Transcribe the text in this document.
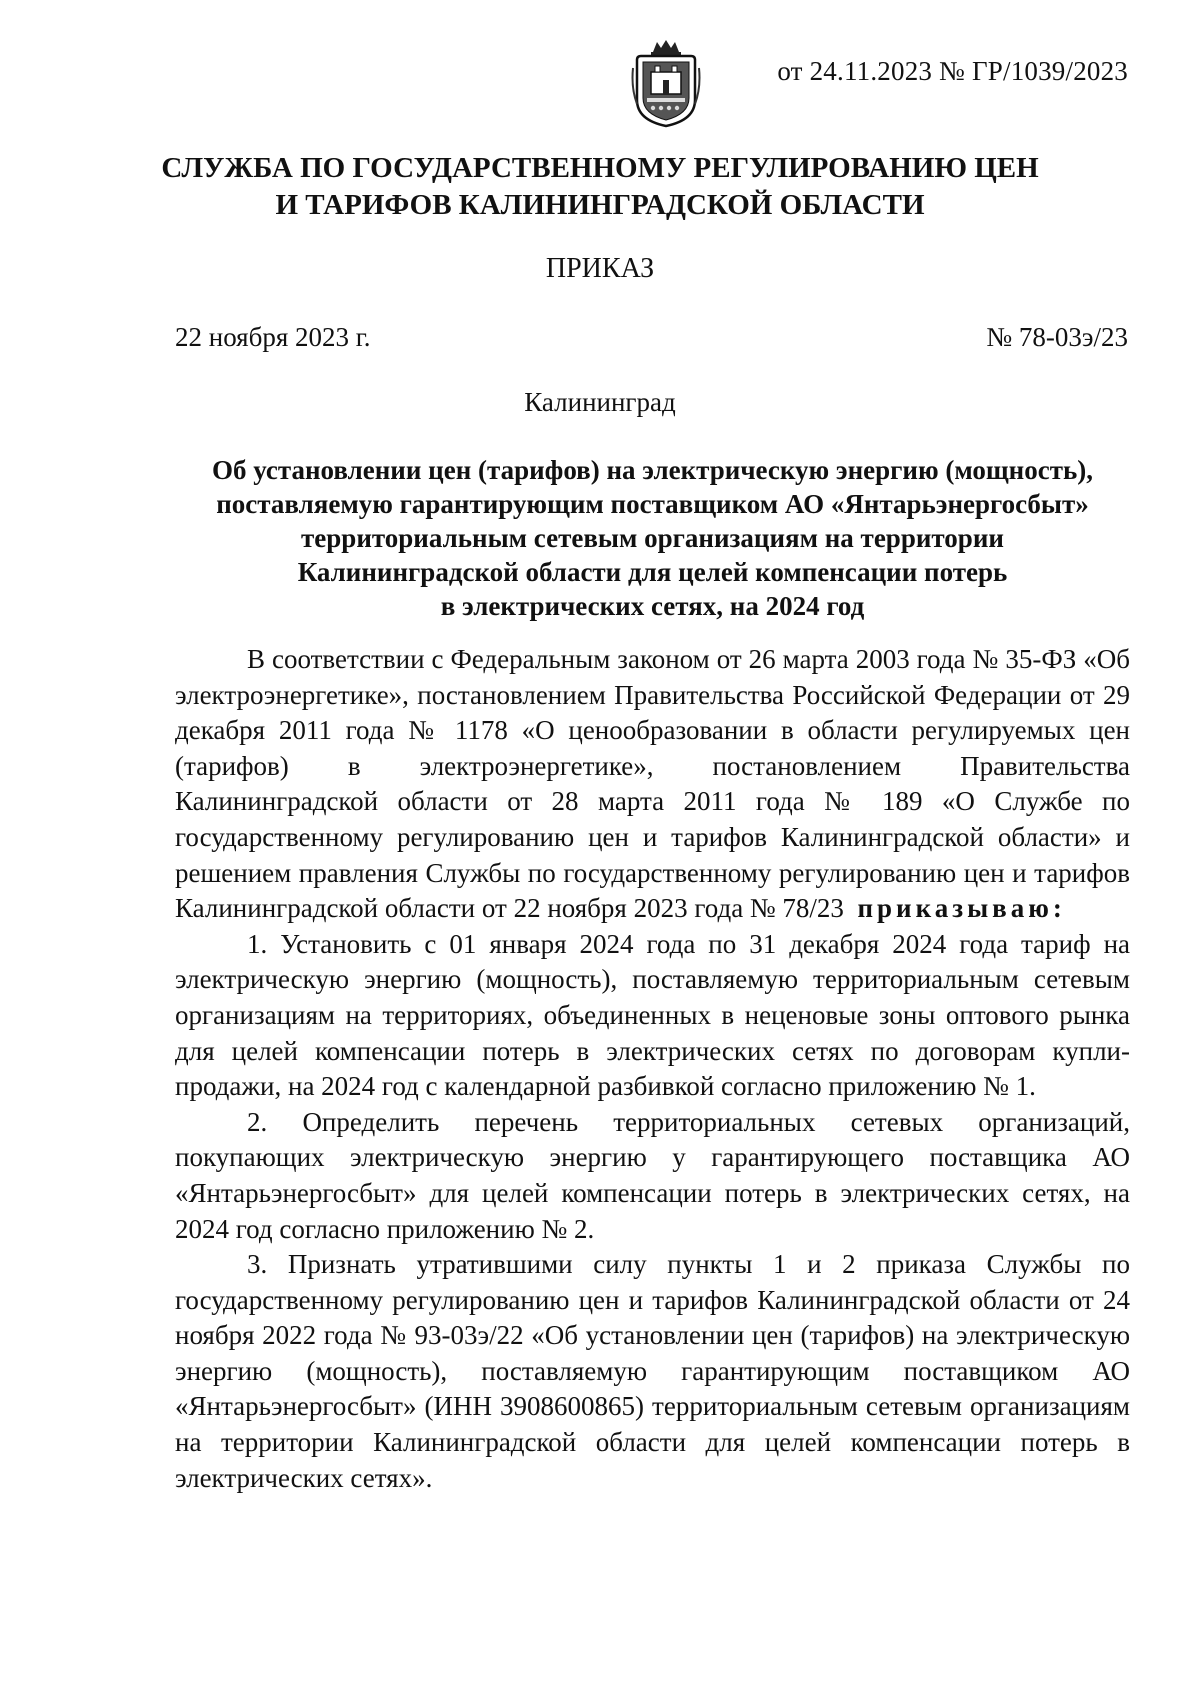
от 24.11.2023 № ГР/1039/2023
СЛУЖБА ПО ГОСУДАРСТВЕННОМУ РЕГУЛИРОВАНИЮ ЦЕН
И ТАРИФОВ КАЛИНИНГРАДСКОЙ ОБЛАСТИ
ПРИКАЗ
22 ноября 2023 г.	№ 78-03э/23
Калининград
Об установлении цен (тарифов) на электрическую энергию (мощность),
поставляемую гарантирующим поставщиком АО «Янтарьэнергосбыт»
территориальным сетевым организациям на территории
Калининградской области для целей компенсации потерь
в электрических сетях, на 2024 год

В соответствии с Федеральным законом от 26 марта 2003 года № 35-ФЗ «Об электроэнергетике», постановлением Правительства Российской Федерации от 29 декабря 2011 года № 1178 «О ценообразовании в области регулируемых цен (тарифов) в электроэнергетике», постановлением Правительства Калининградской области от 28 марта 2011 года № 189 «О Службе по государственному регулированию цен и тарифов Калининградской области» и решением правления Службы по государственному регулированию цен и тарифов Калининградской области от 22 ноября 2023 года № 78/23 приказываю:

1. Установить с 01 января 2024 года по 31 декабря 2024 года тариф на электрическую энергию (мощность), поставляемую территориальным сетевым организациям на территориях, объединенных в неценовые зоны оптового рынка для целей компенсации потерь в электрических сетях по договорам купли-продажи, на 2024 год с календарной разбивкой согласно приложению № 1.

2. Определить перечень территориальных сетевых организаций, покупающих электрическую энергию у гарантирующего поставщика АО «Янтарьэнергосбыт» для целей компенсации потерь в электрических сетях, на 2024 год согласно приложению № 2.

3. Признать утратившими силу пункты 1 и 2 приказа Службы по государственному регулированию цен и тарифов Калининградской области от 24 ноября 2022 года № 93-03э/22 «Об установлении цен (тарифов) на электрическую энергию (мощность), поставляемую гарантирующим поставщиком АО «Янтарьэнергосбыт» (ИНН 3908600865) территориальным сетевым организациям на территории Калининградской области для целей компенсации потерь в электрических сетях».
